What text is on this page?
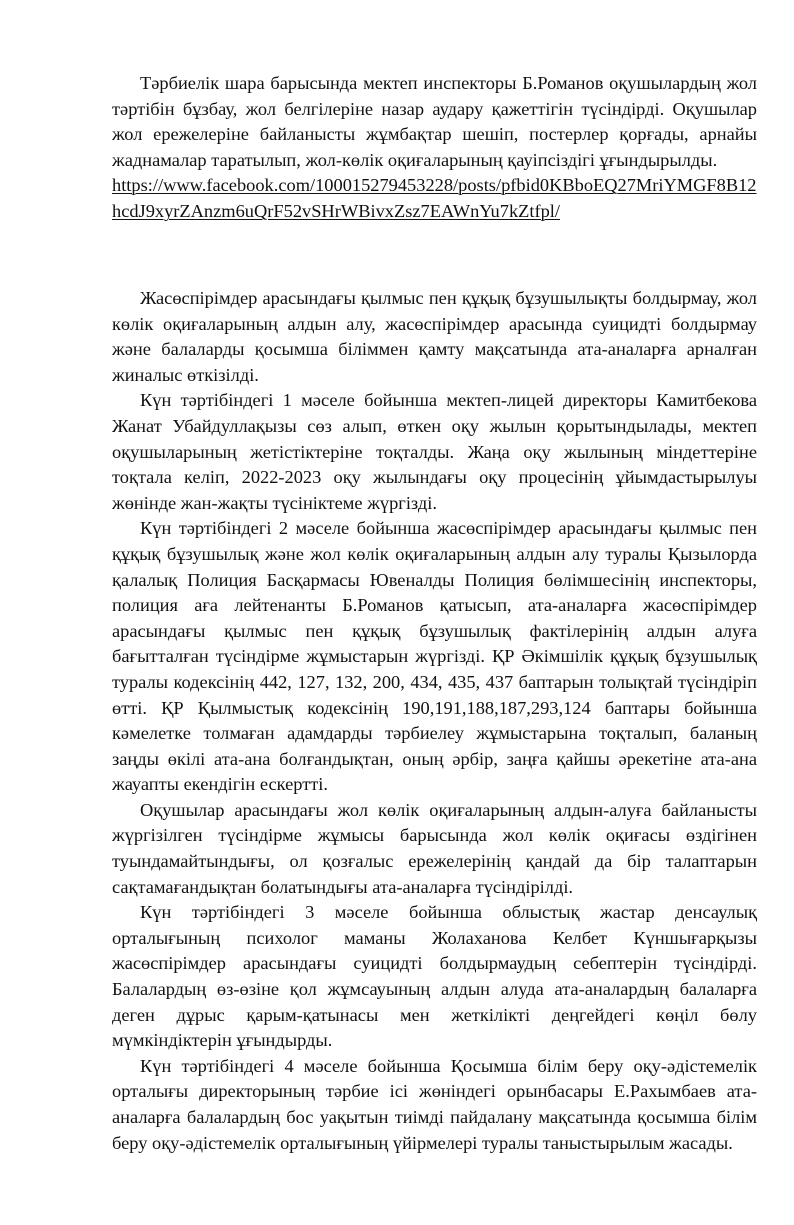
Тәрбиелік шара барысында мектеп инспекторы Б.Романов оқушылардың жол тәртібін бұзбау, жол белгілеріне назар аудару қажеттігін түсіндірді. Оқушылар жол ережелеріне байланысты жұмбақтар шешіп, постерлер қорғады, арнайы жаднамалар таратылып, жол-көлік оқиғаларының қауіпсіздігі ұғындырылды.

https://www.facebook.com/100015279453228/posts/pfbid0KBboEQ27MriYMGF8B12hcdJ9xyrZAnzm6uQrF52vSHrWBivxZsz7EAWnYu7kZtfpl/

Жасөспірімдер арасындағы қылмыс пен құқық бұзушылықты болдырмау, жол көлік оқиғаларының алдын алу, жасөспірімдер арасында суицидті болдырмау және балаларды қосымша біліммен қамту мақсатында ата-аналарға арналған жиналыс өткізілді.

Күн тәртібіндегі 1 мәселе бойынша мектеп-лицей директоры Камитбекова Жанат Убайдуллақызы сөз алып, өткен оқу жылын қорытындылады, мектеп оқушыларының жетістіктеріне тоқталды. Жаңа оқу жылының міндеттеріне тоқтала келіп, 2022-2023 оқу жылындағы оқу процесінің ұйымдастырылуы жөнінде жан-жақты түсініктеме жүргізді.

Күн тәртібіндегі 2 мәселе бойынша жасөспірімдер арасындағы қылмыс пен құқық бұзушылық және жол көлік оқиғаларының алдын алу туралы Қызылорда қалалық Полиция Басқармасы Ювеналды Полиция бөлімшесінің инспекторы, полиция аға лейтенанты Б.Романов қатысып, ата-аналарға жасөспірімдер арасындағы қылмыс пен құқық бұзушылық фактілерінің алдын алуға бағытталған түсіндірме жұмыстарын жүргізді. ҚР Әкімшілік құқық бұзушылық туралы кодексінің 442, 127, 132, 200, 434, 435, 437 баптарын толықтай түсіндіріп өтті. ҚР Қылмыстық кодексінің 190,191,188,187,293,124 баптары бойынша кәмелетке толмаған адамдарды тәрбиелеу жұмыстарына тоқталып, баланың заңды өкілі ата-ана болғандықтан, оның әрбір, заңға қайшы әрекетіне ата-ана жауапты екендігін ескертті.

Оқушылар арасындағы жол көлік оқиғаларының алдын-алуға байланысты жүргізілген түсіндірме жұмысы барысында жол көлік оқиғасы өздігінен туындамайтындығы, ол қозғалыс ережелерінің қандай да бір талаптарын сақтамағандықтан болатындығы ата-аналарға түсіндірілді.

Күн тәртібіндегі 3 мәселе бойынша облыстық жастар денсаулық орталығының психолог маманы Жолаханова Келбет Күншығарқызы жасөспірімдер арасындағы суицидті болдырмаудың себептерін түсіндірді. Балалардың өз-өзіне қол жұмсауының алдын алуда ата-аналардың балаларға деген дұрыс қарым-қатынасы мен жеткілікті деңгейдегі көңіл бөлу мүмкіндіктерін ұғындырды.

Күн тәртібіндегі 4 мәселе бойынша Қосымша білім беру оқу-әдістемелік орталығы директорының тәрбие ісі жөніндегі орынбасары Е.Рахымбаев ата-аналарға балалардың бос уақытын тиімді пайдалану мақсатында қосымша білім беру оқу-әдістемелік орталығының үйірмелері туралы таныстырылым жасады.
